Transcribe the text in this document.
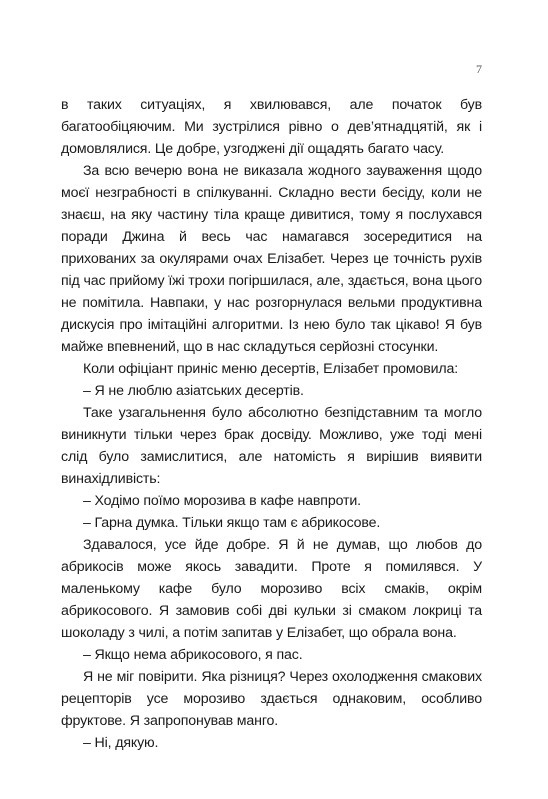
7

в таких ситуаціях, я хвилювався, але початок був багатообіцяючим. Ми зустрілися рівно о дев’ятнадцятій, як і домовлялися. Це добре, узгоджені дії ощадять багато часу.

За всю вечерю вона не виказала жодного зауваження щодо моєї незграбності в спілкуванні. Складно вести бесіду, коли не знаєш, на яку частину тіла краще дивитися, тому я послухався поради Джина й весь час намагався зосередитися на прихованих за окулярами очах Елізабет. Через це точність рухів під час прийому їжі трохи погіршилася, але, здається, вона цього не помітила. Навпаки, у нас розгорнулася вельми продуктивна дискусія про імітаційні алгоритми. Із нею було так цікаво! Я був майже впевнений, що в нас складуться серйозні стосунки.

Коли офіціант приніс меню десертів, Елізабет промовила:

– Я не люблю азіатських десертів.

Таке узагальнення було абсолютно безпідставним та могло виникнути тільки через брак досвіду. Можливо, уже тоді мені слід було замислитися, але натомість я вирішив виявити винахідливість:

– Ходімо поїмо морозива в кафе навпроти.

– Гарна думка. Тільки якщо там є абрикосове.

Здавалося, усе йде добре. Я й не думав, що любов до абрикосів може якось завадити. Проте я помилявся. У маленькому кафе було морозиво всіх смаків, окрім абрикосового. Я замовив собі дві кульки зі смаком локриці та шоколаду з чилі, а потім запитав у Елізабет, що обрала вона.

– Якщо нема абрикосового, я пас.

Я не міг повірити. Яка різниця? Через охолодження смакових рецепторів усе морозиво здається однаковим, особливо фруктове. Я запропонував манго.

– Ні, дякую.
